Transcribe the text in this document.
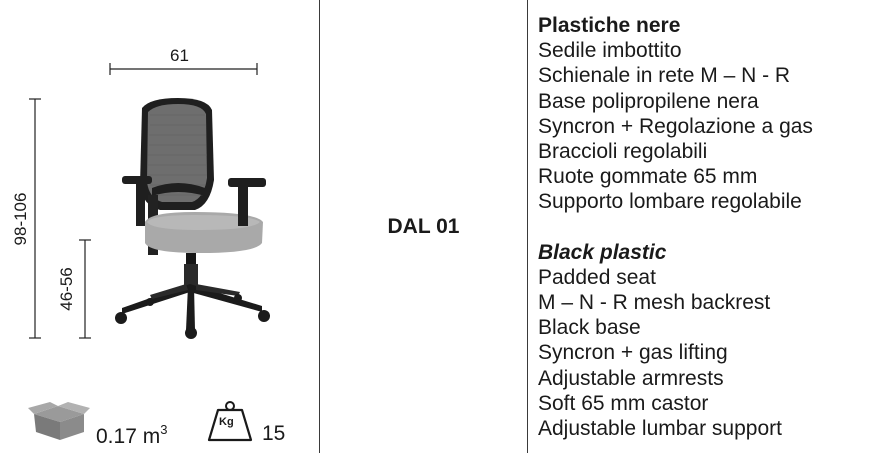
61
98-106
46-56
DAL 01
Plastiche nere
Sedile imbottito
Schienale in rete M – N - R
Base polipropilene nera
Syncron + Regolazione a gas
Braccioli regolabili
Ruote gommate 65 mm
Supporto lombare regolabile
Black plastic
Padded seat
M – N - R mesh backrest
Black base
Syncron + gas lifting
Adjustable armrests
Soft 65 mm castor
Adjustable lumbar support
0.17 $m^3$	Kg 15
